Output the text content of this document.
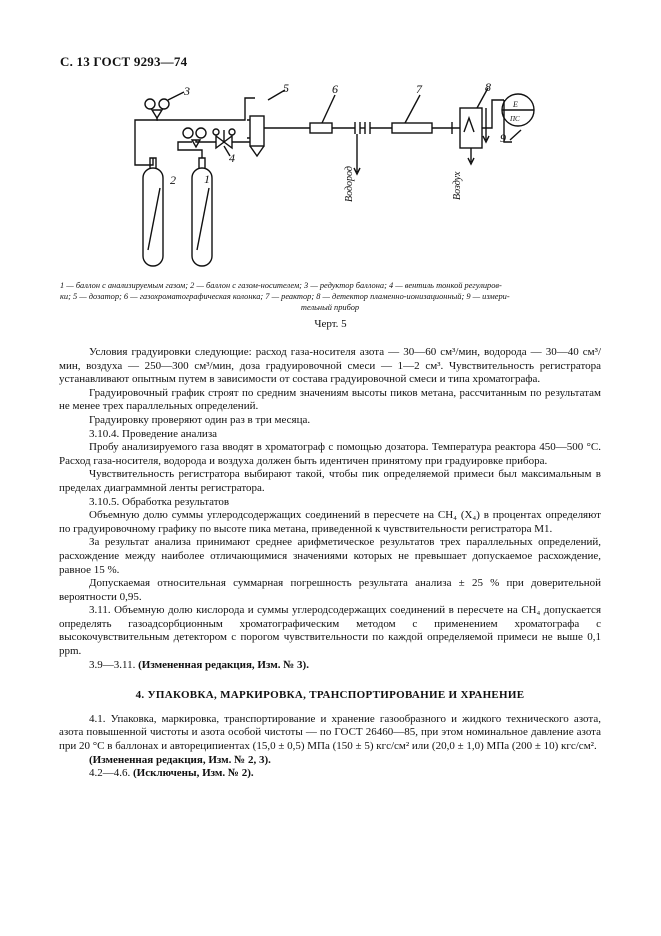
С. 13 ГОСТ 9293—74
1
2
3
4
5	6	7	8
9
Водород	Воздух
E
ПС
1 — баллон с анализируемым газом; 2 — баллон с газом-носителем; 3 — редуктор баллона; 4 — вентиль тонкой регулиров-
ки; 5 — дозатор; 6 — газохроматографическая колонка; 7 — реактор; 8 — детектор пламенно-ионизационный; 9 — измери-
тельный прибор
Черт. 5

Условия градуировки следующие: расход газа-носителя азота — 30—60 см³/мин, водорода — 30—40 см³/мин, воздуха — 250—300 см³/мин, доза градуировочной смеси — 1—2 см³. Чувствительность регистратора устанавливают опытным путем в зависимости от состава градуировочной смеси и типа хроматографа.

Градуировочный график строят по средним значениям высоты пиков метана, рассчитанным по результатам не менее трех параллельных определений.

Градуировку проверяют один раз в три месяца.

3.10.4. Проведение анализа

Пробу анализируемого газа вводят в хроматограф с помощью дозатора. Температура реактора 450—500 °С. Расход газа-носителя, водорода и воздуха должен быть идентичен принятому при градуировке прибора.

Чувствительность регистратора выбирают такой, чтобы пик определяемой примеси был максимальным в пределах диаграммной ленты регистратора.

3.10.5. Обработка результатов

Объемную долю суммы углеродсодержащих соединений в пересчете на СН₄ (X₄) в процентах определяют по градуировочному графику по высоте пика метана, приведенной к чувствительности регистратора М1.

За результат анализа принимают среднее арифметическое результатов трех параллельных определений, расхождение между наиболее отличающимися значениями которых не превышает допускаемое расхождение, равное 15 %.

Допускаемая относительная суммарная погрешность результата анализа ± 25 % при доверительной вероятности 0,95.

3.11. Объемную долю кислорода и суммы углеродсодержащих соединений в пересчете на СН₄ допускается определять газоадсорбционным хроматографическим методом с применением хроматографа с высокочувствительным детектором с порогом чувствительности по каждой определяемой примеси не выше 0,1 ppm.

3.9—3.11. (Измененная редакция, Изм. № 3).

4. УПАКОВКА, МАРКИРОВКА, ТРАНСПОРТИРОВАНИЕ И ХРАНЕНИЕ

4.1. Упаковка, маркировка, транспортирование и хранение газообразного и жидкого технического азота, азота повышенной чистоты и азота особой чистоты — по ГОСТ 26460—85, при этом номинальное давление азота при 20 °С в баллонах и автореципиентах (15,0 ± 0,5) МПа (150 ± 5) кгс/см² или (20,0 ± 1,0) МПа (200 ± 10) кгс/см².

(Измененная редакция, Изм. № 2, 3).

4.2—4.6. (Исключены, Изм. № 2).
